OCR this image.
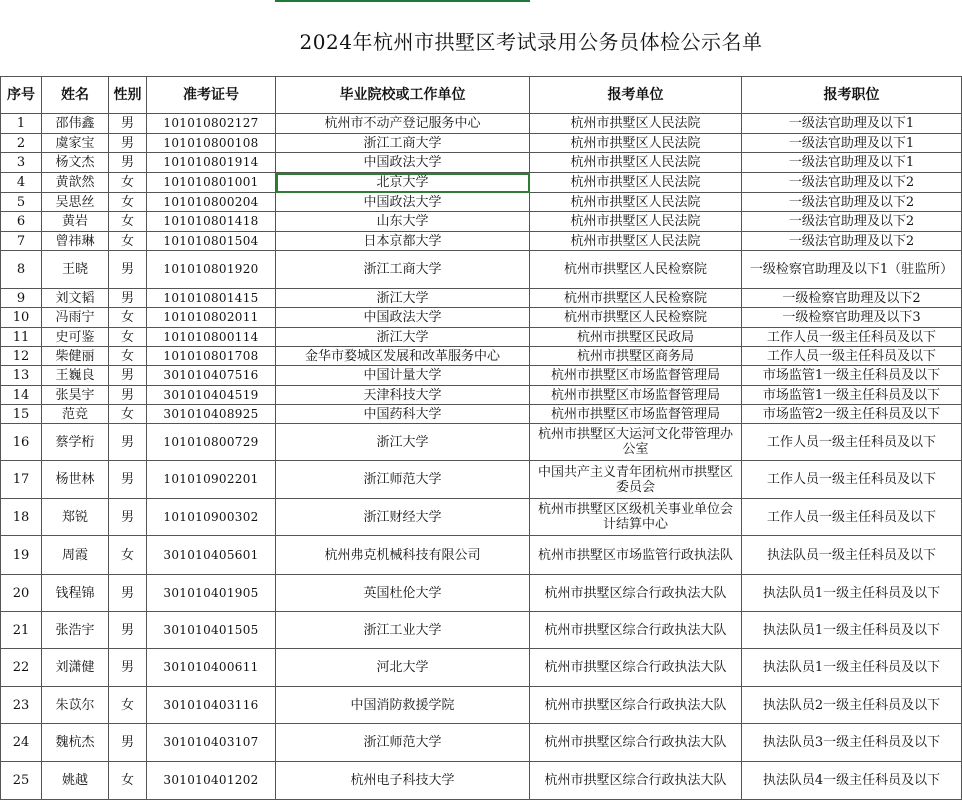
2024年杭州市拱墅区考试录用公务员体检公示名单
序号	姓名	性别	准考证号	毕业院校或工作单位	报考单位	报考职位
1	邵伟鑫	男	101010802127	杭州市不动产登记服务中心	杭州市拱墅区人民法院	一级法官助理及以下1
2	虞家宝	男	101010800108	浙江工商大学	杭州市拱墅区人民法院	一级法官助理及以下1
3	杨文杰	男	101010801914	中国政法大学	杭州市拱墅区人民法院	一级法官助理及以下1
4	黄歆然	女	101010801001	北京大学	杭州市拱墅区人民法院	一级法官助理及以下2
5	吴思丝	女	101010800204	中国政法大学	杭州市拱墅区人民法院	一级法官助理及以下2
6	黄岩	女	101010801418	山东大学	杭州市拱墅区人民法院	一级法官助理及以下2
7	曾祎琳	女	101010801504	日本京都大学	杭州市拱墅区人民法院	一级法官助理及以下2
8	王晓	男	101010801920	浙江工商大学	杭州市拱墅区人民检察院	一级检察官助理及以下1（驻监所）
9	刘文韬	男	101010801415	浙江大学	杭州市拱墅区人民检察院	一级检察官助理及以下2
10	冯雨宁	女	101010802011	中国政法大学	杭州市拱墅区人民检察院	一级检察官助理及以下3
11	史可鉴	女	101010800114	浙江大学	杭州市拱墅区民政局	工作人员一级主任科员及以下
12	柴健丽	女	101010801708	金华市婺城区发展和改革服务中心	杭州市拱墅区商务局	工作人员一级主任科员及以下
13	王巍良	男	301010407516	中国计量大学	杭州市拱墅区市场监督管理局	市场监管1一级主任科员及以下
14	张昊宇	男	301010404519	天津科技大学	杭州市拱墅区市场监督管理局	市场监管1一级主任科员及以下
15	范竞	女	301010408925	中国药科大学	杭州市拱墅区市场监督管理局	市场监管2一级主任科员及以下
16	蔡学桁	男	101010800729	浙江大学	杭州市拱墅区大运河文化带管理办公室	工作人员一级主任科员及以下
17	杨世林	男	101010902201	浙江师范大学	中国共产主义青年团杭州市拱墅区委员会	工作人员一级主任科员及以下
18	郑锐	男	101010900302	浙江财经大学	杭州市拱墅区区级机关事业单位会计结算中心	工作人员一级主任科员及以下
19	周霞	女	301010405601	杭州弗克机械科技有限公司	杭州市拱墅区市场监管行政执法队	执法队员一级主任科员及以下
20	钱程锦	男	301010401905	英国杜伦大学	杭州市拱墅区综合行政执法大队	执法队员1一级主任科员及以下
21	张浩宇	男	301010401505	浙江工业大学	杭州市拱墅区综合行政执法大队	执法队员1一级主任科员及以下
22	刘潇健	男	301010400611	河北大学	杭州市拱墅区综合行政执法大队	执法队员1一级主任科员及以下
23	朱苡尔	女	301010403116	中国消防救援学院	杭州市拱墅区综合行政执法大队	执法队员2一级主任科员及以下
24	魏杭杰	男	301010403107	浙江师范大学	杭州市拱墅区综合行政执法大队	执法队员3一级主任科员及以下
25	姚越	女	301010401202	杭州电子科技大学	杭州市拱墅区综合行政执法大队	执法队员4一级主任科员及以下
